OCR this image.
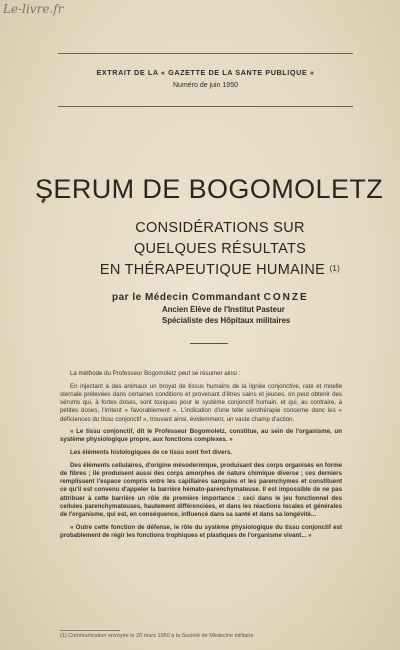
Le-livre.fr
EXTRAIT DE LA « GAZETTE DE LA SANTE PUBLIQUE »
Numéro de juin 1950
SERUM DE BOGOMOLETZ
CONSIDÉRATIONS SUR
QUELQUES RÉSULTATS
EN THÉRAPEUTIQUE HUMAINE $^{(1)}$
par le Médecin Commandant CONZE
Ancien Elève de l'Institut Pasteur
Spécialiste des Hôpitaux militaires

La méthode du Professeur Bogomoletz peut se résumer ainsi :

En injectant à des animaux un broyat de tissus humains de la lignée conjonctive, rate et moelle sternale prélevées dans certaines conditions et provenant d'êtres sains et jeunes, on peut obtenir des sérums qui, à fortes doses, sont toxiques pour le système conjonctif humain, et qui, au contraire, à petites doses, l'irritent « favorablement ». L'indication d'une telle sérothérapie concerne donc les « déficiences du tissu conjonctif », trouvant ainsi, évidemment, un vaste champ d'action.

« Le tissu conjonctif, dit le Professeur Bogomoletz, constitue, au sein de l'organisme, un système physiologique propre, aux fonctions complexes. »

Les éléments histologiques de ce tissu sont fort divers.

Des éléments cellulaires, d'origine mésodermique, produisant des corps organisés en forme de fibres ; ile produisent aussi des corps amorphes de nature chimique diverse ; ces derniers remplissent l'espace compris entre les capillaires sanguins et les parenchymes et constituent ce qu'il est convenu d'appeler la barrière hémato-parenchymateuse. Il est impossible de ne pas attribuer à cette barrière un rôle de première importance : ceci dans le jeu fonctionnel des cellules parenchymateuses, hautement différenciées, et dans les réactions locales et générales de l'organisme, qui est, en conséquence, influencé dans sa santé et dans sa longévité...

« Outre cette fonction de défense, le rôle du système physiologique du tissu conjonctif est probablement de régir les fonctions trophiques et plastiques de l'organisme vivant... »

(1) Communication envoyée le 20 mars 1950 à la Société de Médecine militaire
